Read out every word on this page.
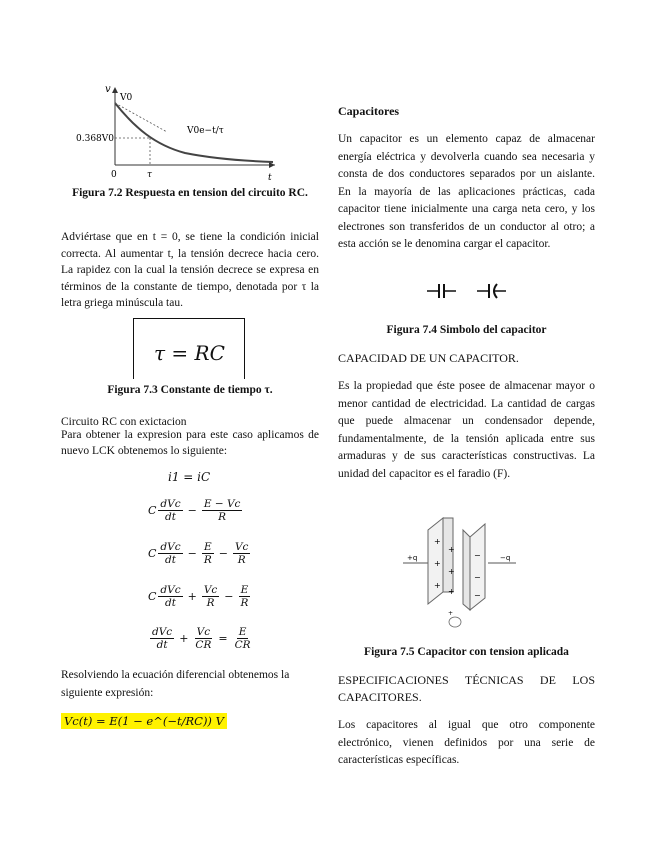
v
V0
0.368V0
V0e−t/τ
0	τ	t
Figura 7.2 Respuesta en tension del circuito RC.

Adviértase que en t = 0, se tiene la condición inicial correcta. Al aumentar t, la tensión decrece hacia cero. La rapidez con la cual la tensión decrece se expresa en términos de la constante de tiempo, denotada por τ la letra griega minúscula tau.

τ = RC
Figura 7.3 Constante de tiempo τ.
Circuito RC con exictacion

Para obtener la expresion para este caso aplicamos de nuevo LCK obtenemos lo siguiente:

i1 = iC
C $\frac{\text{dVc}}{dt} - \frac{E - Vc}{R}$
C $\frac{\text{dVc}}{dt} - \frac{E}{R} - \frac{Vc}{R}$
C $\frac{\text{dVc}}{dt} + \frac{Vc}{R} - \frac{E}{R}$
$\frac{\text{dVc}}{dt} + \frac{Vc}{CR} = \frac{E}{CR}$

Resolviendo la ecuación diferencial obtenemos la siguiente expresión:

Vc(t) = E(1 − e^(−t/RC)) V
Capacitores

Un capacitor es un elemento capaz de almacenar energía eléctrica y devolverla cuando sea necesaria y consta de dos conductores separados por un aislante. En la mayoría de las aplicaciones prácticas, cada capacitor tiene inicialmente una carga neta cero, y los electrones son transferidos de un conductor al otro; a esta acción se le denomina cargar el capacitor.

Figura 7.4 Simbolo del capacitor
CAPACIDAD DE UN CAPACITOR.

Es la propiedad que éste posee de almacenar mayor o menor cantidad de electricidad. La cantidad de cargas que puede almacenar un condensador depende, fundamentalmente, de la tensión aplicada entre sus armaduras y de sus características constructivas. La unidad del capacitor es el faradio (F).

+q	−q
+
+
+
+
+
+
−
−
−
+
Figura 7.5 Capacitor con tension aplicada

ESPECIFICACIONES TÉCNICAS DE LOS CAPACITORES.

Los capacitores al igual que otro componente electrónico, vienen definidos por una serie de características específicas.
